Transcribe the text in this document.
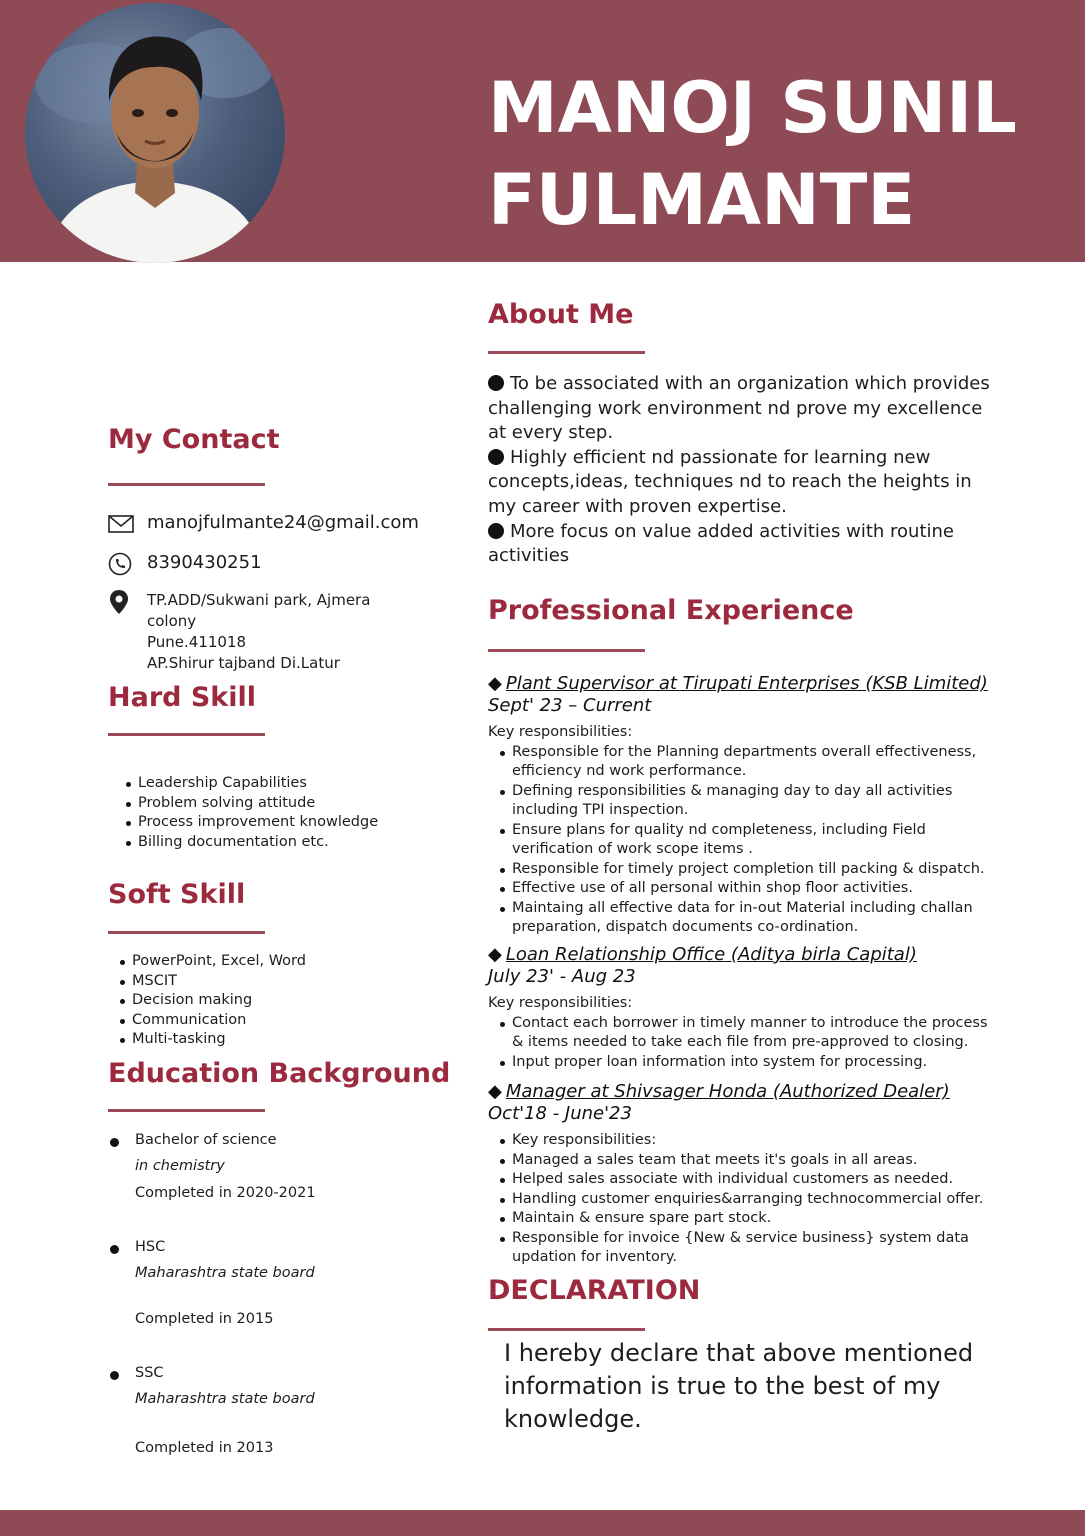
MANOJ SUNIL
FULMANTE
My Contact
manojfulmante24@gmail.com
8390430251
TP.ADD/Sukwani park, Ajmera
colony
Pune.411018
AP.Shirur tajband Di.Latur
Hard Skill
Leadership Capabilities
Problem solving attitude
Process improvement knowledge
Billing documentation etc.
Soft Skill
PowerPoint, Excel, Word
MSCIT
Decision making
Communication
Multi-tasking
Education Background
Bachelor of science
in chemistry
Completed in 2020-2021
HSC
Maharashtra state board
Completed in 2015
SSC
Maharashtra state board
Completed in 2013
About Me

To be associated with an organization which provides challenging work environment nd prove my excellence at every step.

Highly efficient nd passionate for learning new concepts,ideas, techniques nd to reach the heights in my career with proven expertise.

More focus on value added activities with routine activities

Professional Experience
◆ Plant Supervisor at Tirupati Enterprises (KSB Limited)
Sept' 23 – Current
Key responsibilities:
Responsible for the Planning departments overall effectiveness, efficiency nd work performance.
Defining responsibilities & managing day to day all activities including TPI inspection.
Ensure plans for quality nd completeness, including Field verification of work scope items .
Responsible for timely project completion till packing & dispatch.
Effective use of all personal within shop floor activities.
Maintaing all effective data for in-out Material including challan preparation, dispatch documents co-ordination.
◆ Loan Relationship Office (Aditya birla Capital)
July 23' - Aug 23
Key responsibilities:
Contact each borrower in timely manner to introduce the process & items needed to take each file from pre-approved to closing.
Input proper loan information into system for processing.
◆ Manager at Shivsager Honda (Authorized Dealer)
Oct'18 - June'23
Key responsibilities:
Managed a sales team that meets it's goals in all areas.
Helped sales associate with individual customers as needed.
Handling customer enquiries&arranging technocommercial offer.
Maintain & ensure spare part stock.
Responsible for invoice {New & service business} system data updation for inventory.
DECLARATION
I hereby declare that above mentioned information is true to the best of my knowledge.
